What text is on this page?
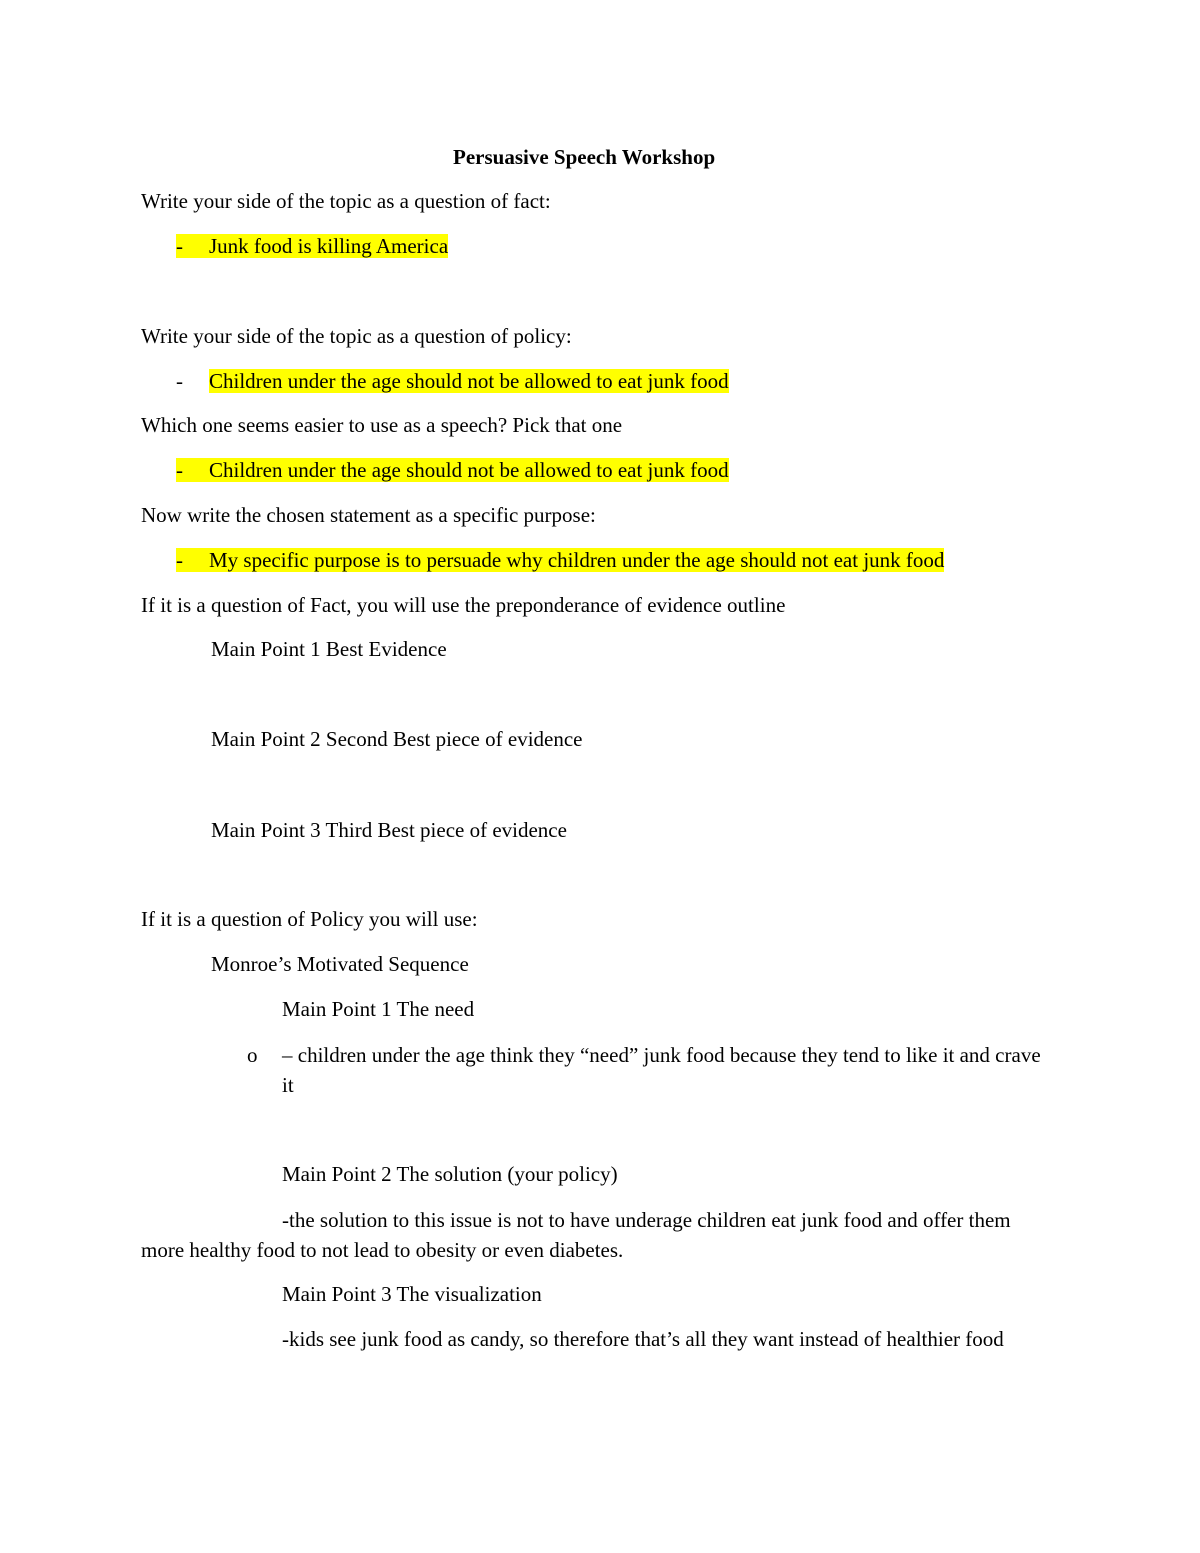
Persuasive Speech Workshop
Write your side of the topic as a question of fact:
- Junk food is killing America
Write your side of the topic as a question of policy:
- Children under the age should not be allowed to eat junk food
Which one seems easier to use as a speech? Pick that one
- Children under the age should not be allowed to eat junk food
Now write the chosen statement as a specific purpose:
- My specific purpose is to persuade why children under the age should not eat junk food
If it is a question of Fact, you will use the preponderance of evidence outline
Main Point 1 Best Evidence
Main Point 2 Second Best piece of evidence
Main Point 3 Third Best piece of evidence
If it is a question of Policy you will use:
Monroe’s Motivated Sequence
Main Point 1 The need
o – children under the age think they “need” junk food because they tend to like it and crave it
Main Point 2 The solution (your policy)
-the solution to this issue is not to have underage children eat junk food and offer them more healthy food to not lead to obesity or even diabetes.
Main Point 3 The visualization
-kids see junk food as candy, so therefore that’s all they want instead of healthier food
